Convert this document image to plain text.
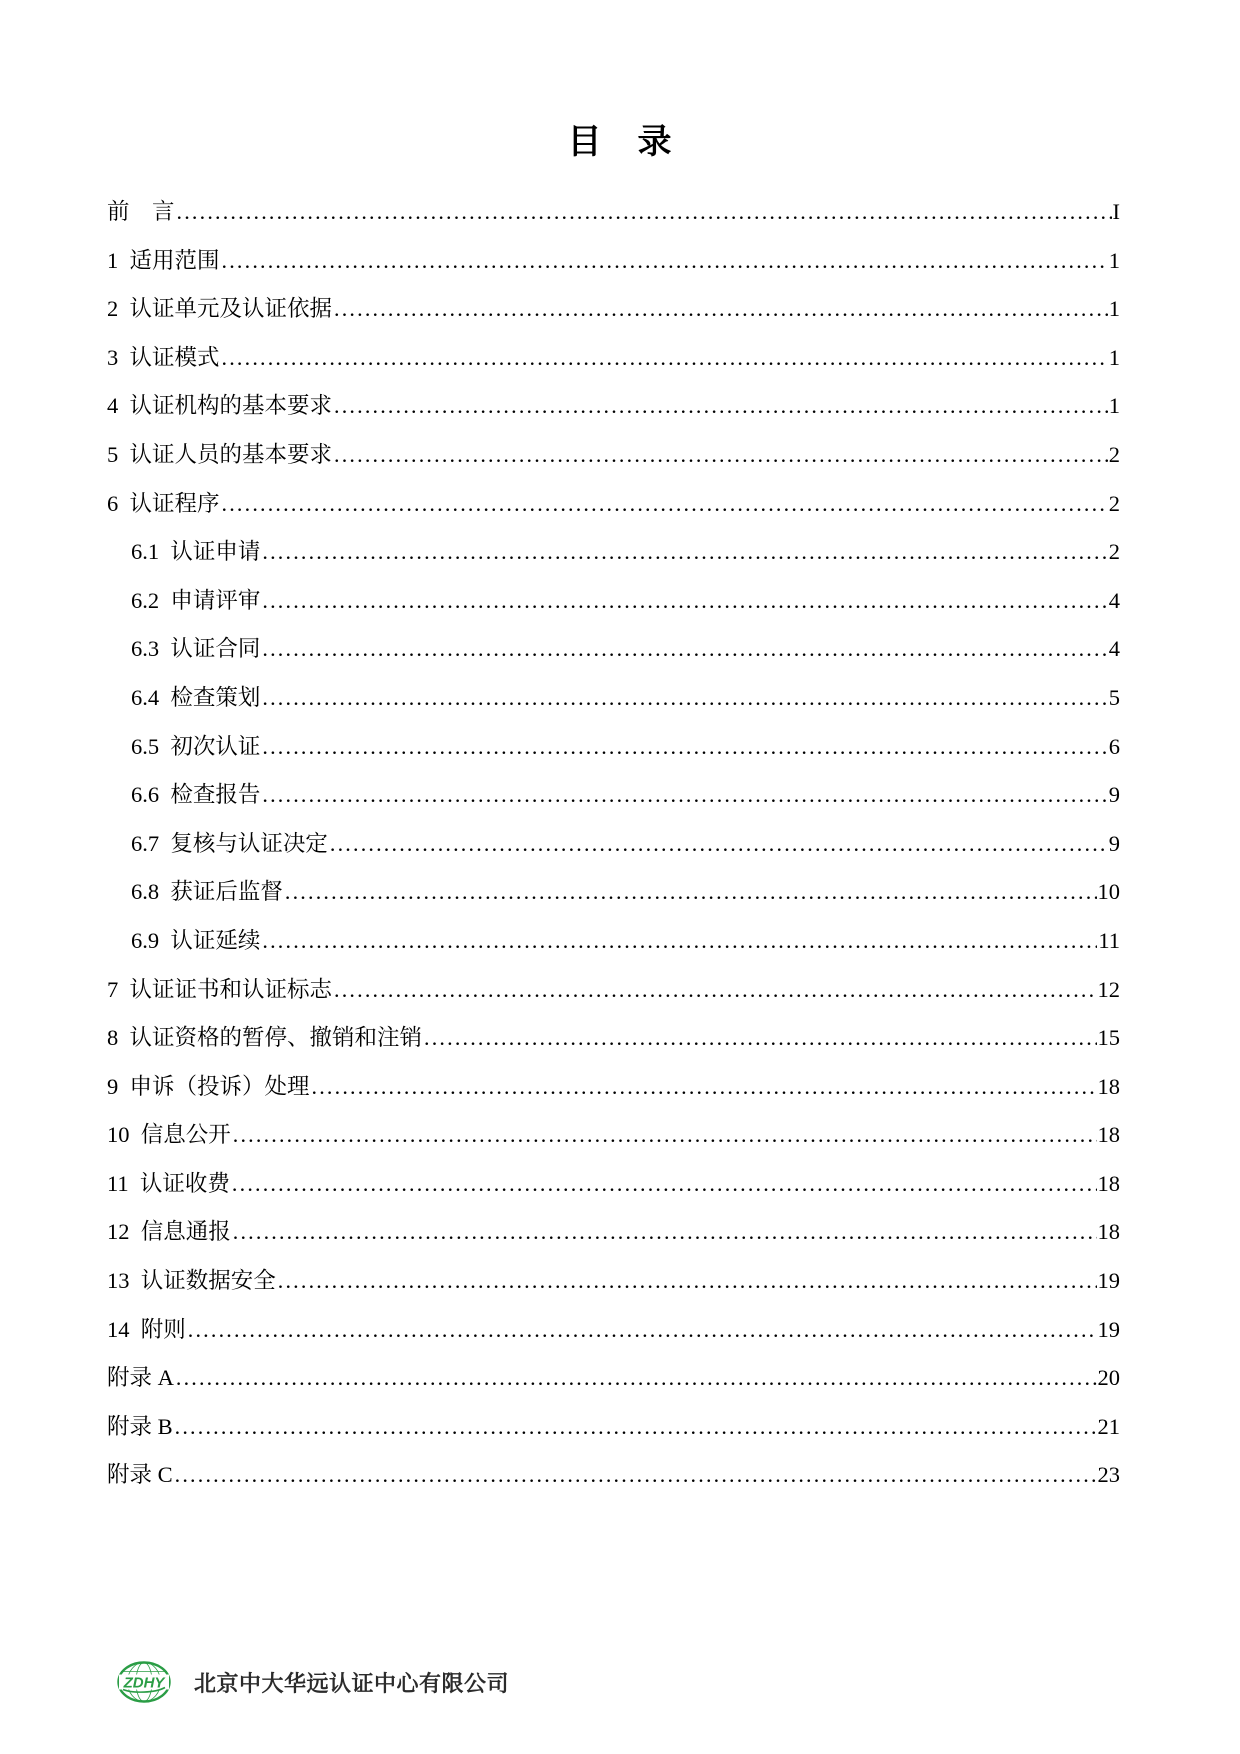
目　录
前　言 .....	I
1  适用范围 .....	1
2  认证单元及认证依据 .....	1
3  认证模式 .....	1
4  认证机构的基本要求 .....	1
5  认证人员的基本要求 .....	2
6  认证程序 .....	2
6.1  认证申请 .....	2
6.2  申请评审 .....	4
6.3  认证合同 .....	4
6.4  检查策划 .....	5
6.5  初次认证 .....	6
6.6  检查报告 .....	9
6.7  复核与认证决定 .....	9
6.8  获证后监督 .....	10
6.9  认证延续 .....	11
7  认证证书和认证标志 .....	12
8  认证资格的暂停、撤销和注销 .....	15
9  申诉（投诉）处理 .....	18
10  信息公开 .....	18
11  认证收费 .....	18
12  信息通报 .....	18
13  认证数据安全 .....	19
14  附则 .....	19
附录 A .....	20
附录 B .....	21
附录 C .....	23
ZDHY 北京中大华远认证中心有限公司
